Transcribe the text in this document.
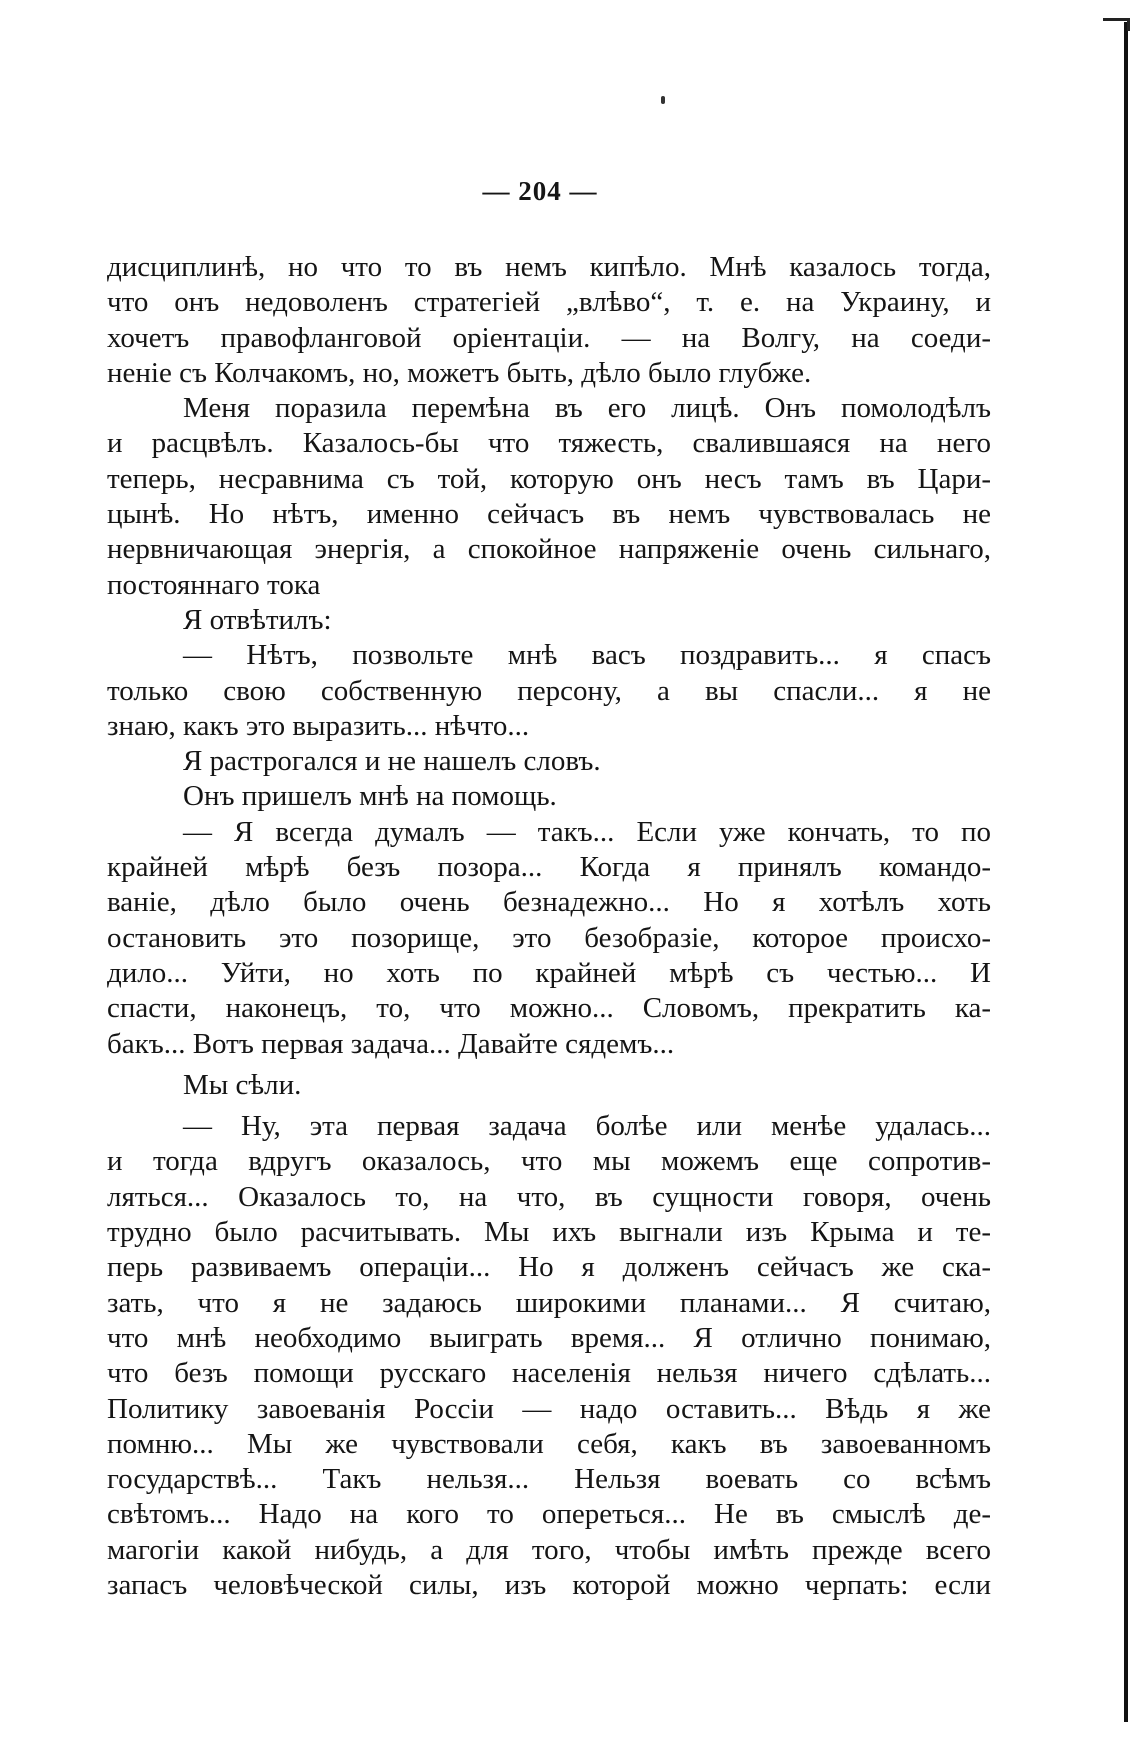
— 204 —
дисциплинѣ, но что то въ немъ кипѣло. Мнѣ казалось тогда,
что онъ недоволенъ стратегіей „влѣво“, т. е. на Украину, и
хочетъ правофланговой оріентаціи. — на Волгу, на соеди-
неніе съ Колчакомъ, но, можетъ быть, дѣло было глубже.
Меня поразила перемѣна въ его лицѣ. Онъ помолодѣлъ
и расцвѣлъ. Казалось-бы что тяжесть, свалившаяся на него
теперь, несравнима съ той, которую онъ несъ тамъ въ Цари-
цынѣ. Но нѣтъ, именно сейчасъ въ немъ чувствовалась не
нервничающая энергія, а спокойное напряженіе очень сильнаго,
постояннаго тока
Я отвѣтилъ:
— Нѣтъ, позвольте мнѣ васъ поздравить... я спасъ
только свою собственную персону, а вы спасли... я не
знаю, какъ это выразить... нѣчто...
Я растрогался и не нашелъ словъ.
Онъ пришелъ мнѣ на помощь.
— Я всегда думалъ — такъ... Если уже кончать, то по
крайней мѣрѣ безъ позора... Когда я принялъ командо-
ваніе, дѣло было очень безнадежно... Но я хотѣлъ хоть
остановить это позорище, это безобразіе, которое происхо-
дило... Уйти, но хоть по крайней мѣрѣ съ честью... И
спасти, наконецъ, то, что можно... Словомъ, прекратить ка-
бакъ... Вотъ первая задача... Давайте сядемъ...
Мы сѣли.
— Ну, эта первая задача болѣе или менѣе удалась...
и тогда вдругъ оказалось, что мы можемъ еще сопротив-
ляться... Оказалось то, на что, въ сущности говоря, очень
трудно было расчитывать. Мы ихъ выгнали изъ Крыма и те-
перь развиваемъ операціи... Но я долженъ сейчасъ же ска-
зать, что я не задаюсь широкими планами... Я считаю,
что мнѣ необходимо выиграть время... Я отлично понимаю,
что безъ помощи русскаго населенія нельзя ничего сдѣлать...
Политику завоеванія Россіи — надо оставить... Вѣдь я же
помню... Мы же чувствовали себя, какъ въ завоеванномъ
государствѣ... Такъ нельзя... Нельзя воевать со всѣмъ
свѣтомъ... Надо на кого то опереться... Не въ смыслѣ де-
магогіи какой нибудь, а для того, чтобы имѣть прежде всего
запасъ человѣческой силы, изъ которой можно черпать: если
